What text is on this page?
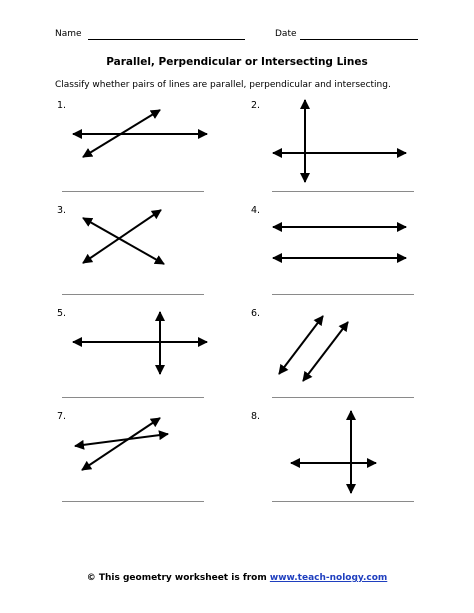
Name	Date
Parallel, Perpendicular or Intersecting Lines
Classify whether pairs of lines are parallel, perpendicular and intersecting.
1.	2.
3.	4.
5.	6.
7.	8.
© This geometry worksheet is from www.teach-nology.com
